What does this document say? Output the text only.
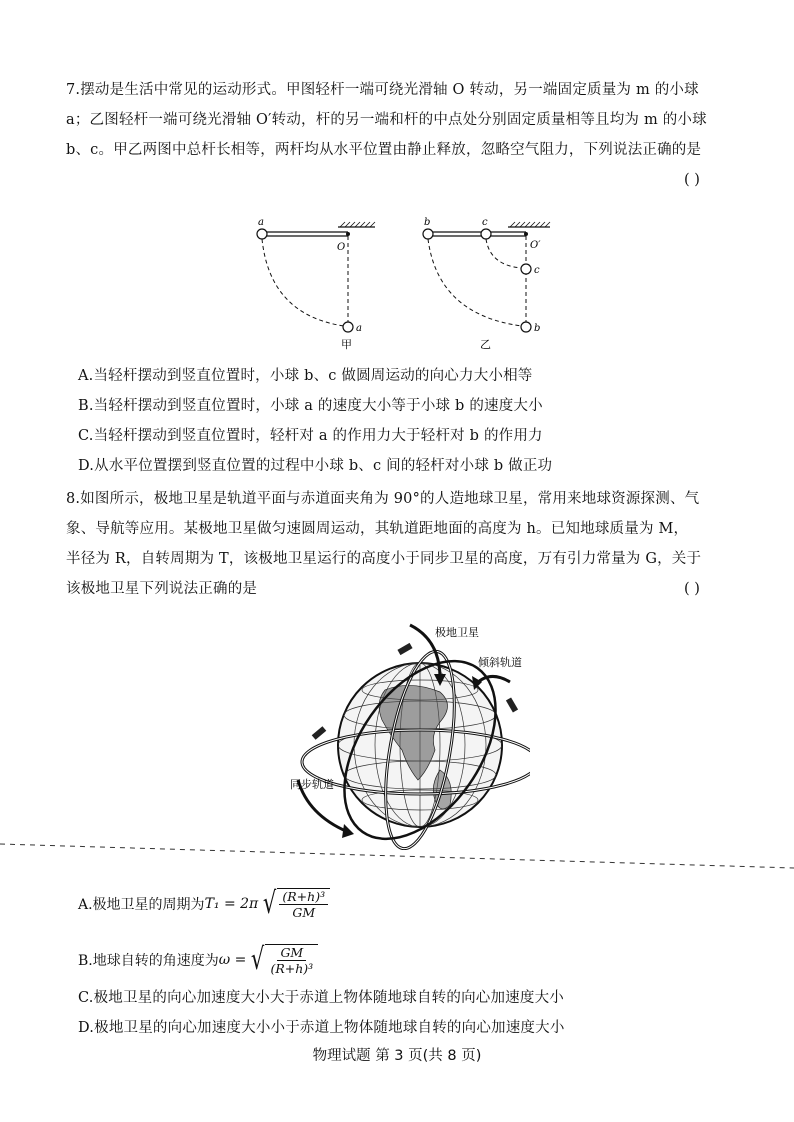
7.摆动是生活中常见的运动形式。甲图轻杆一端可绕光滑轴 O 转动，另一端固定质量为 m 的小球
a；乙图轻杆一端可绕光滑轴 O′转动，杆的另一端和杆的中点处分别固定质量相等且均为 m 的小球
b、c。甲乙两图中总杆长相等，两杆均从水平位置由静止释放，忽略空气阻力，下列说法正确的是
( )
a
O
a
甲
b	c
O′
c
b
乙
A.当轻杆摆动到竖直位置时，小球 b、c 做圆周运动的向心力大小相等
B.当轻杆摆动到竖直位置时，小球 a 的速度大小等于小球 b 的速度大小
C.当轻杆摆动到竖直位置时，轻杆对 a 的作用力大于轻杆对 b 的作用力
D.从水平位置摆到竖直位置的过程中小球 b、c 间的轻杆对小球 b 做正功
8.如图所示，极地卫星是轨道平面与赤道面夹角为 90°的人造地球卫星，常用来地球资源探测、气
象、导航等应用。某极地卫星做匀速圆周运动，其轨道距地面的高度为 h。已知地球质量为 M，
半径为 R，自转周期为 T，该极地卫星运行的高度小于同步卫星的高度，万有引力常量为 G，关于
该极地卫星下列说法正确的是	( )
极地卫星
倾斜轨道
同步轨道
A.极地卫星的周期为 T₁ = 2π √ $\frac{\text{(R+h)³}}{GM}$
B.地球自转的角速度为 ω = √ $\frac{GM}{\text{(R+h)³}}$
C.极地卫星的向心加速度大小大于赤道上物体随地球自转的向心加速度大小
D.极地卫星的向心加速度大小小于赤道上物体随地球自转的向心加速度大小
物理试题 第 3 页(共 8 页)
